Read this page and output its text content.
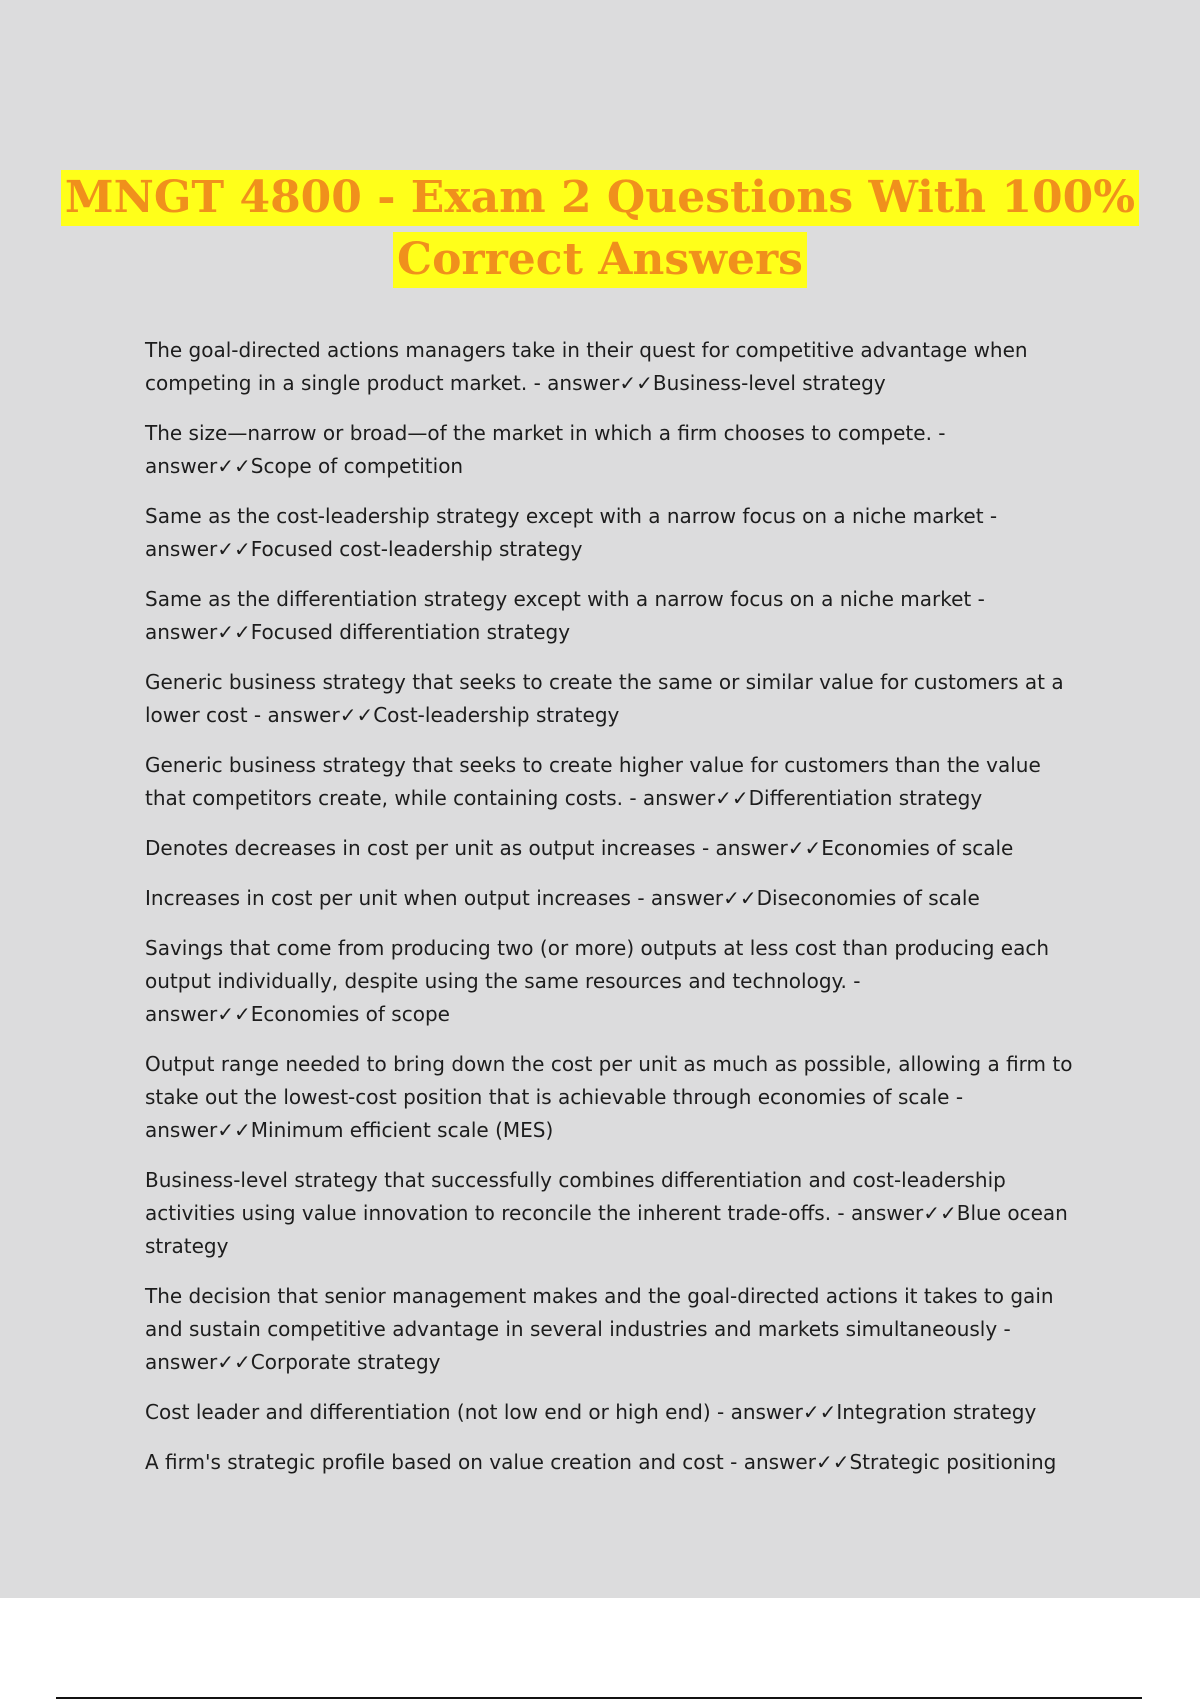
MNGT 4800 - Exam 2 Questions With 100%
Correct Answers

The goal-directed actions managers take in their quest for competitive advantage when competing in a single product market. - answer✓✓Business-level strategy

The size—narrow or broad—of the market in which a firm chooses to compete. - answer✓✓Scope of competition

Same as the cost-leadership strategy except with a narrow focus on a niche market - answer✓✓Focused cost-leadership strategy

Same as the differentiation strategy except with a narrow focus on a niche market - answer✓✓Focused differentiation strategy

Generic business strategy that seeks to create the same or similar value for customers at a lower cost - answer✓✓Cost-leadership strategy

Generic business strategy that seeks to create higher value for customers than the value that competitors create, while containing costs. - answer✓✓Differentiation strategy

Denotes decreases in cost per unit as output increases - answer✓✓Economies of scale

Increases in cost per unit when output increases - answer✓✓Diseconomies of scale

Savings that come from producing two (or more) outputs at less cost than producing each output individually, despite using the same resources and technology. - answer✓✓Economies of scope

Output range needed to bring down the cost per unit as much as possible, allowing a firm to stake out the lowest-cost position that is achievable through economies of scale - answer✓✓Minimum efficient scale (MES)

Business-level strategy that successfully combines differentiation and cost-leadership activities using value innovation to reconcile the inherent trade-offs. - answer✓✓Blue ocean strategy

The decision that senior management makes and the goal-directed actions it takes to gain and sustain competitive advantage in several industries and markets simultaneously - answer✓✓Corporate strategy

Cost leader and differentiation (not low end or high end) - answer✓✓Integration strategy

A firm's strategic profile based on value creation and cost - answer✓✓Strategic positioning
